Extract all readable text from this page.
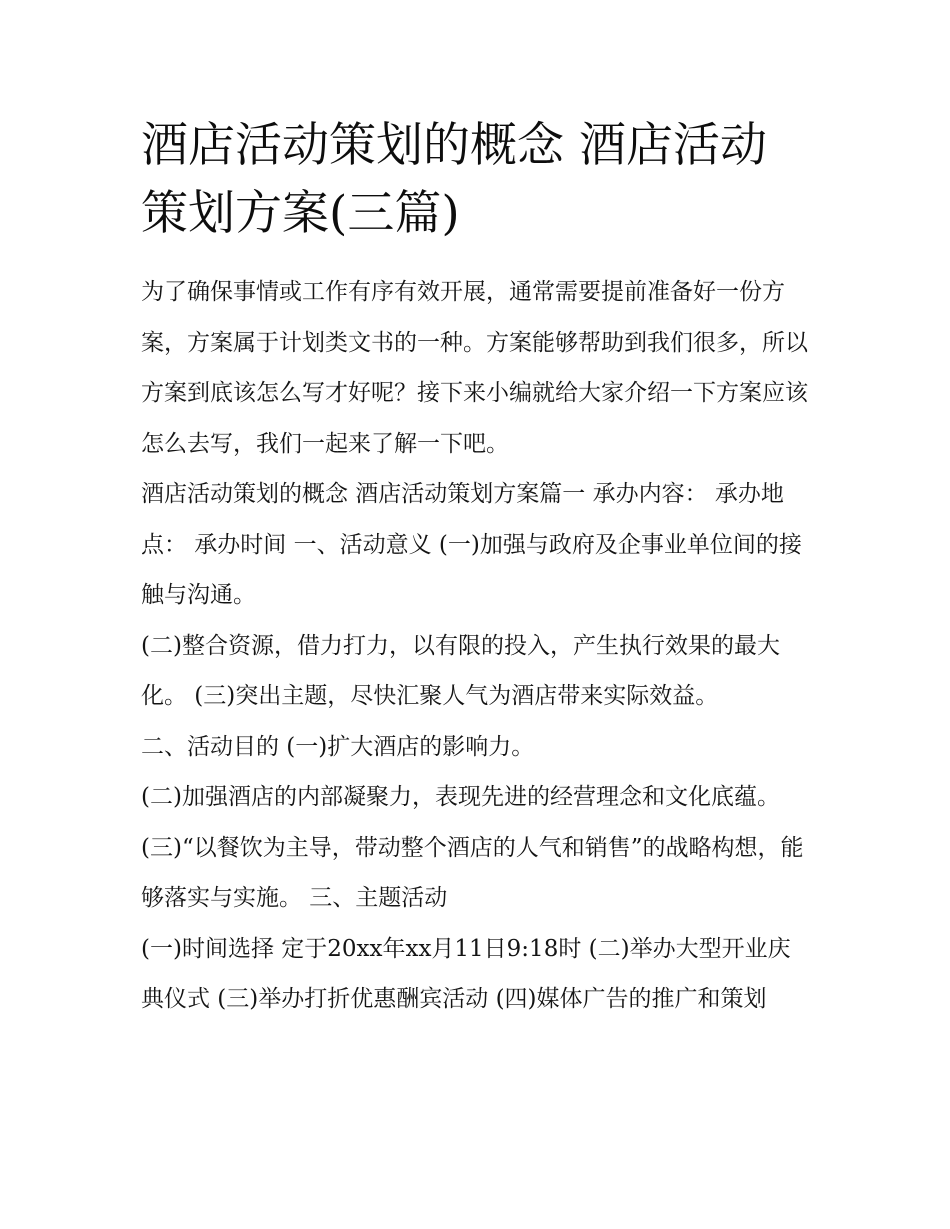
酒店活动策划的概念 酒店活动策划方案(三篇)

为了确保事情或工作有序有效开展，通常需要提前准备好一份方案，方案属于计划类文书的一种。方案能够帮助到我们很多，所以方案到底该怎么写才好呢？接下来小编就给大家介绍一下方案应该怎么去写，我们一起来了解一下吧。

酒店活动策划的概念 酒店活动策划方案篇一 承办内容： 承办地点： 承办时间 一、活动意义 (一)加强与政府及企事业单位间的接触与沟通。

(二)整合资源，借力打力，以有限的投入，产生执行效果的最大化。 (三)突出主题，尽快汇聚人气为酒店带来实际效益。

二、活动目的 (一)扩大酒店的影响力。

(二)加强酒店的内部凝聚力，表现先进的经营理念和文化底蕴。 (三)“以餐饮为主导，带动整个酒店的人气和销售”的战略构想，能够落实与实施。 三、主题活动

(一)时间选择 定于20xx年xx月11日9:18时 (二)举办大型开业庆典仪式 (三)举办打折优惠酬宾活动 (四)媒体广告的推广和策划
